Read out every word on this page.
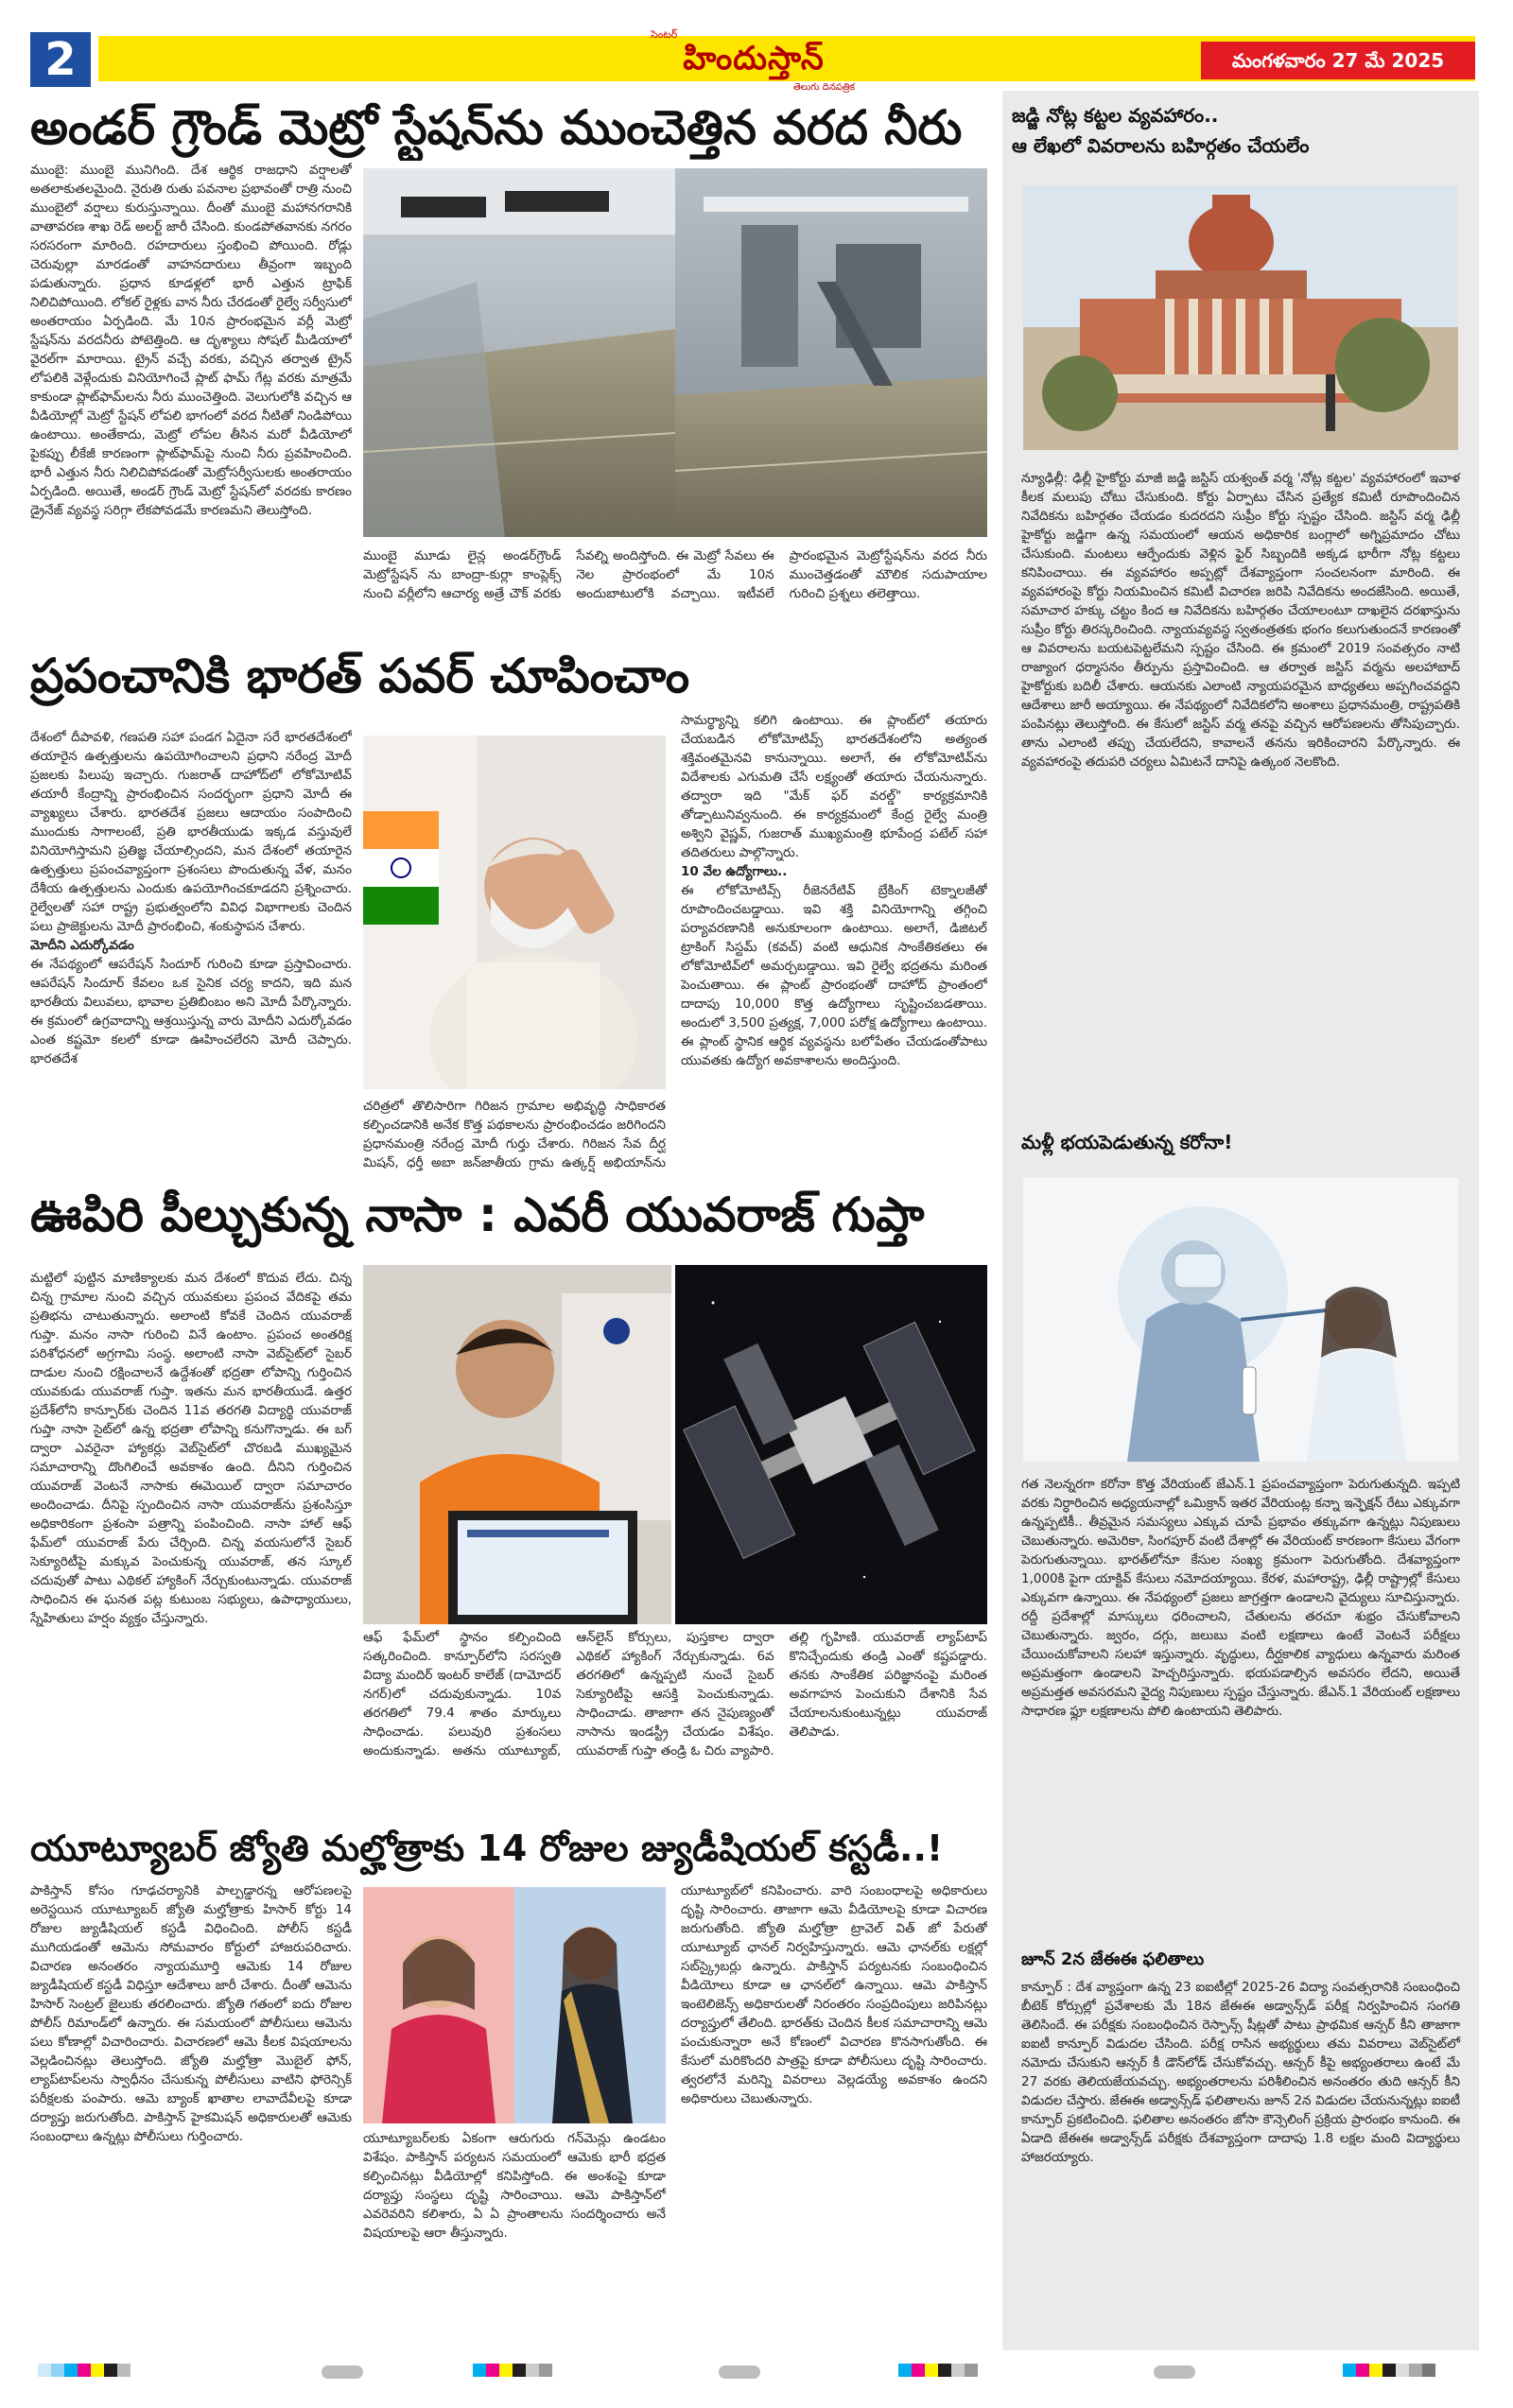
2	సెంటర్
హిందుస్తాన్
తెలుగు దినపత్రిక
మంగళవారం 27 మే 2025
అండర్ గ్రౌండ్ మెట్రో స్టేషన్‌ను ముంచెత్తిన వరద నీరు
ముంబై: ముంబై మునిగింది. దేశ ఆర్థిక రాజధాని వర్షాలతో అతలాకుతలమైంది. నైరుతి రుతు పవనాల ప్రభావంతో రాత్రి నుంచి ముంబైలో వర్షాలు కురుస్తున్నాయి. దీంతో ముంబై మహానగరానికి వాతావరణ శాఖ రెడ్ అలర్ట్ జారీ చేసింది. కుండపోతవానకు నగరం సరసరంగా మారింది. రహదారులు స్తంభించి పోయింది. రోడ్లు చెరువుల్లా మారడంతో వాహనదారులు తీవ్రంగా ఇబ్బంది పడుతున్నారు. ప్రధాన కూడళ్లలో భారీ ఎత్తున ట్రాఫిక్ నిలిచిపోయింది. లోకల్ రైళ్లకు వాన నీరు చేరడంతో రైల్వే సర్వీసులో అంతరాయం ఏర్పడింది. మే 10న ప్రారంభమైన వర్లీ మెట్రో స్టేషన్‌ను వరదనీరు పోటెత్తింది. ఆ దృశ్యాలు సోషల్ మీడియాలో వైరల్‌గా మారాయి. ట్రైన్ వచ్చే వరకు, వచ్చిన తర్వాత ట్రైన్ లోపలికి వెళ్లేందుకు వినియోగించే ప్లాట్ ఫామ్ గేట్ల వరకు మాత్రమే కాకుండా ప్లాట్‌ఫామ్‌లను నీరు ముంచెత్తింది. వెలుగులోకి వచ్చిన ఆ వీడియోల్లో మెట్రో స్టేషన్ లోపలి భాగంలో వరద నీటితో నిండిపోయి ఉంటాయి. అంతేకాదు, మెట్రో లోపల తీసిన మరో వీడియోలో పైకప్పు లీకేజీ కారణంగా ప్లాట్‌ఫామ్‌పై నుంచి నీరు ప్రవహించింది. భారీ ఎత్తున నీరు నిలిచిపోవడంతో మెట్రోసర్వీసులకు అంతరాయం ఏర్పడింది. అయితే, అండర్ గ్రౌండ్ మెట్రో స్టేషన్‌లో వరదకు కారణం డ్రైనేజ్ వ్యవస్థ సరిగ్గా లేకపోవడమే కారణమని తెలుస్తోంది.
ముంబై మూడు లైన్ల అండర్‌గ్రౌండ్ మెట్రోస్టేషన్ ను బాంద్రా-కుర్లా కాంప్లెక్స్ నుంచి వర్లీలోని ఆచార్య అత్రే చౌక్ వరకు సేవల్ని అందిస్తోంది. ఈ మెట్రో సేవలు ఈ నెల ప్రారంభంలో మే 10న అందుబాటులోకి వచ్చాయి. ఇటీవలే ప్రారంభమైన మెట్రోస్టేషన్‌ను వరద నీరు ముంచెత్తడంతో మౌలిక సదుపాయాల గురించి ప్రశ్నలు తలెత్తాయి.
ప్రపంచానికి భారత్ పవర్ చూపించాం
దేశంలో దీపావళి, గణపతి సహా పండగ ఏదైనా సరే భారతదేశంలో తయారైన ఉత్పత్తులను ఉపయోగించాలని ప్రధాని నరేంద్ర మోదీ ప్రజలకు పిలుపు ఇచ్చారు. గుజరాత్ దాహోద్‌లో లోకోమోటివ్ తయారీ కేంద్రాన్ని ప్రారంభించిన సందర్భంగా ప్రధాని మోదీ ఈ వ్యాఖ్యలు చేశారు. భారతదేశ ప్రజలు ఆదాయం సంపాదించి ముందుకు సాగాలంటే, ప్రతి భారతీయుడు ఇక్కడ వస్తువులే వినియోగిస్తామని ప్రతిజ్ఞ చేయాల్సిందని, మన దేశంలో తయారైన ఉత్పత్తులు ప్రపంచవ్యాప్తంగా ప్రశంసలు పొందుతున్న వేళ, మనం దేశీయ ఉత్పత్తులను ఎందుకు ఉపయోగించకూడదని ప్రశ్నించారు. రైల్వేలతో సహా రాష్ట్ర ప్రభుత్వంలోని వివిధ విభాగాలకు చెందిన పలు ప్రాజెక్టులను మోదీ ప్రారంభించి, శంకుస్థాపన చేశారు.
మోదీని ఎదుర్కోవడం
ఈ నేపథ్యంలో ఆపరేషన్ సిందూర్ గురించి కూడా ప్రస్తావించారు. ఆపరేషన్ సిందూర్ కేవలం ఒక సైనిక చర్య కాదని, ఇది మన భారతీయ విలువలు, భావాల ప్రతిబింబం అని మోదీ పేర్కొన్నారు. ఈ క్రమంలో ఉగ్రవాదాన్ని ఆశ్రయిస్తున్న వారు మోదీని ఎదుర్కోవడం ఎంత కష్టమో కలలో కూడా ఊహించలేరని మోదీ చెప్పారు. భారతదేశ
చరిత్రలో తొలిసారిగా గిరిజన గ్రామాల అభివృద్ధి సాధికారత కల్పించడానికి అనేక కొత్త పథకాలను ప్రారంభించడం జరిగిందని ప్రధానమంత్రి నరేంద్ర మోదీ గుర్తు చేశారు. గిరిజన సేవ దీర్ఘ మిషన్, ధర్తీ అబా జన్‌జాతీయ గ్రామ ఉత్కర్ష్ అభియాన్‌ను
సామర్థ్యాన్ని కలిగి ఉంటాయి. ఈ ప్లాంట్‌లో తయారు చేయబడిన లోకోమోటివ్స్ భారతదేశంలోని అత్యంత శక్తివంతమైనవి కానున్నాయి. అలాగే, ఈ లోకోమోటివ్‌ను విదేశాలకు ఎగుమతి చేసే లక్ష్యంతో తయారు చేయనున్నారు. తద్వారా ఇది "మేక్ ఫర్ వరల్డ్" కార్యక్రమానికి తోడ్పాటునివ్వనుంది. ఈ కార్యక్రమంలో కేంద్ర రైల్వే మంత్రి అశ్విని వైష్ణవ్, గుజరాత్ ముఖ్యమంత్రి భూపేంద్ర పటేల్ సహా తదితరులు పాల్గొన్నారు.
10 వేల ఉద్యోగాలు..
ఈ లోకోమోటివ్స్ రీజెనరేటివ్ బ్రేకింగ్ టెక్నాలజీతో రూపొందించబడ్డాయి. ఇవి శక్తి వినియోగాన్ని తగ్గించి పర్యావరణానికి అనుకూలంగా ఉంటాయి. అలాగే, డిజిటల్ ట్రాకింగ్ సిస్టమ్ (కవచ్) వంటి ఆధునిక సాంకేతికతలు ఈ లోకోమోటివ్‌లో అమర్చబడ్డాయి. ఇవి రైల్వే భద్రతను మరింత పెంచుతాయి. ఈ ప్లాంట్ ప్రారంభంతో దాహోద్ ప్రాంతంలో దాదాపు 10,000 కొత్త ఉద్యోగాలు సృష్టించబడతాయి. అందులో 3,500 ప్రత్యక్ష, 7,000 పరోక్ష ఉద్యోగాలు ఉంటాయి. ఈ ప్లాంట్ స్థానిక ఆర్థిక వ్యవస్థను బలోపేతం చేయడంతోపాటు యువతకు ఉద్యోగ అవకాశాలను అందిస్తుంది.
ఊపిరి పీల్చుకున్న నాసా : ఎవరీ యువరాజ్ గుప్తా
మట్టిలో పుట్టిన మాణిక్యాలకు మన దేశంలో కొదువ లేదు. చిన్న చిన్న గ్రామాల నుంచి వచ్చిన యువకులు ప్రపంచ వేదికపై తమ ప్రతిభను చాటుతున్నారు. అలాంటి కోవకే చెందిన యువరాజ్ గుప్తా. మనం నాసా గురించి వినే ఉంటాం. ప్రపంచ అంతరిక్ష పరిశోధనలో అగ్రగామి సంస్థ. అలాంటి నాసా వెబ్‌సైట్‌లో సైబర్ దాడుల నుంచి రక్షించాలనే ఉద్దేశంతో భద్రతా లోపాన్ని గుర్తించిన యువకుడు యువరాజ్ గుప్తా. ఇతను మన భారతీయుడే. ఉత్తర ప్రదేశ్‌లోని కాన్పూర్‌కు చెందిన 11వ తరగతి విద్యార్థి యువరాజ్ గుప్తా నాసా సైట్‌లో ఉన్న భద్రతా లోపాన్ని కనుగొన్నాడు. ఈ బగ్ ద్వారా ఎవరైనా హ్యాకర్లు వెబ్‌సైట్‌లో చొరబడి ముఖ్యమైన సమాచారాన్ని దొంగిలించే అవకాశం ఉంది. దీనిని గుర్తించిన యువరాజ్ వెంటనే నాసాకు ఈమెయిల్ ద్వారా సమాచారం అందించాడు. దీనిపై స్పందించిన నాసా యువరాజ్‌ను ప్రశంసిస్తూ అధికారికంగా ప్రశంసా పత్రాన్ని పంపించింది. నాసా హాల్ ఆఫ్ ఫేమ్‌లో యువరాజ్ పేరు చేర్చింది. చిన్న వయసులోనే సైబర్ సెక్యూరిటీపై మక్కువ పెంచుకున్న యువరాజ్, తన స్కూల్ చదువుతో పాటు ఎథికల్ హ్యాకింగ్ నేర్చుకుంటున్నాడు. యువరాజ్ సాధించిన ఈ ఘనత పట్ల కుటుంబ సభ్యులు, ఉపాధ్యాయులు, స్నేహితులు హర్షం వ్యక్తం చేస్తున్నారు.
ఆఫ్ ఫేమ్‌లో స్థానం కల్పించింది సత్కరించింది. కాన్పూర్‌లోని సరస్వతి విద్యా మందిర్ ఇంటర్ కాలేజ్ (దామోదర్ నగర్)లో చదువుకున్నాడు. 10వ తరగతిలో 79.4 శాతం మార్కులు సాధించాడు. పలువురి ప్రశంసలు అందుకున్నాడు. అతను యూట్యూబ్, ఆన్‌లైన్ కోర్సులు, పుస్తకాల ద్వారా ఎథికల్ హ్యాకింగ్ నేర్చుకున్నాడు. 6వ తరగతిలో ఉన్నప్పటి నుంచే సైబర్ సెక్యూరిటీపై ఆసక్తి పెంచుకున్నాడు. సాధించాడు. తాజాగా తన నైపుణ్యంతో నాసాను ఇండస్ట్రీ చేయడం విశేషం. యువరాజ్ గుప్తా తండ్రి ఓ చిరు వ్యాపారి. తల్లి గృహిణి. యువరాజ్ ల్యాప్‌టాప్ కొనిచ్చేందుకు తండ్రి ఎంతో కష్టపడ్డారు. తనకు సాంకేతిక పరిజ్ఞానంపై మరింత అవగాహన పెంచుకుని దేశానికి సేవ చేయాలనుకుంటున్నట్లు యువరాజ్ తెలిపాడు.
యూట్యూబర్ జ్యోతి మల్హోత్రాకు 14 రోజుల జ్యుడీషియల్ కస్టడీ..!
పాకిస్తాన్ కోసం గూఢచర్యానికి పాల్పడ్డారన్న ఆరోపణలపై అరెస్టయిన యూట్యూబర్ జ్యోతి మల్హోత్రాకు హిసార్ కోర్టు 14 రోజుల జ్యుడీషియల్ కస్టడీ విధించింది. పోలీస్ కస్టడీ ముగియడంతో ఆమెను సోమవారం కోర్టులో హాజరుపరిచారు. విచారణ అనంతరం న్యాయమూర్తి ఆమెకు 14 రోజుల జ్యుడీషియల్ కస్టడీ విధిస్తూ ఆదేశాలు జారీ చేశారు. దీంతో ఆమెను హిసార్ సెంట్రల్ జైలుకు తరలించారు. జ్యోతి గతంలో ఐదు రోజుల పోలీస్ రిమాండ్‌లో ఉన్నారు. ఈ సమయంలో పోలీసులు ఆమెను పలు కోణాల్లో విచారించారు. విచారణలో ఆమె కీలక విషయాలను వెల్లడించినట్లు తెలుస్తోంది. జ్యోతి మల్హోత్రా మొబైల్ ఫోన్, ల్యాప్‌టాప్‌లను స్వాధీనం చేసుకున్న పోలీసులు వాటిని ఫోరెన్సిక్ పరీక్షలకు పంపారు. ఆమె బ్యాంక్ ఖాతాల లావాదేవీలపై కూడా దర్యాప్తు జరుగుతోంది. పాకిస్తాన్ హైకమిషన్ అధికారులతో ఆమెకు సంబంధాలు ఉన్నట్లు పోలీసులు గుర్తించారు.	యూట్యూబర్‌లకు ఏకంగా ఆరుగురు గన్‌మెన్లు ఉండటం విశేషం. పాకిస్తాన్ పర్యటన సమయంలో ఆమెకు భారీ భద్రత కల్పించినట్లు వీడియోల్లో కనిపిస్తోంది. ఈ అంశంపై కూడా దర్యాప్తు సంస్థలు దృష్టి సారించాయి. ఆమె పాకిస్తాన్‌లో ఎవరెవరిని కలిశారు, ఏ ఏ ప్రాంతాలను సందర్శించారు అనే విషయాలపై ఆరా తీస్తున్నారు.
యూట్యూబ్‌లో కనిపించారు. వారి సంబంధాలపై అధికారులు దృష్టి సారించారు. తాజాగా ఆమె వీడియోలపై కూడా విచారణ జరుగుతోంది. జ్యోతి మల్హోత్రా ట్రావెల్ విత్ జో పేరుతో యూట్యూబ్ ఛానల్ నిర్వహిస్తున్నారు. ఆమె ఛానల్‌కు లక్షల్లో సబ్‌స్క్రైబర్లు ఉన్నారు. పాకిస్తాన్ పర్యటనకు సంబంధించిన వీడియోలు కూడా ఆ ఛానల్‌లో ఉన్నాయి. ఆమె పాకిస్తాన్ ఇంటెలిజెన్స్ అధికారులతో నిరంతరం సంప్రదింపులు జరిపినట్లు దర్యాప్తులో తేలింది. భారత్‌కు చెందిన కీలక సమాచారాన్ని ఆమె పంచుకున్నారా అనే కోణంలో విచారణ కొనసాగుతోంది. ఈ కేసులో మరికొందరి పాత్రపై కూడా పోలీసులు దృష్టి సారించారు. త్వరలోనే మరిన్ని వివరాలు వెల్లడయ్యే అవకాశం ఉందని అధికారులు చెబుతున్నారు.
జడ్జి నోట్ల కట్టల వ్యవహారం..
ఆ లేఖలో వివరాలను బహిర్గతం చేయలేం
న్యూఢిల్లీ: ఢిల్లీ హైకోర్టు మాజీ జడ్జి జస్టిస్ యశ్వంత్ వర్మ 'నోట్ల కట్టల' వ్యవహారంలో ఇవాళ కీలక మలుపు చోటు చేసుకుంది. కోర్టు ఏర్పాటు చేసిన ప్రత్యేక కమిటీ రూపొందించిన నివేదికను బహిర్గతం చేయడం కుదరదని సుప్రీం కోర్టు స్పష్టం చేసింది. జస్టిస్ వర్మ ఢిల్లీ హైకోర్టు జడ్జిగా ఉన్న సమయంలో ఆయన అధికారిక బంగ్లాలో అగ్నిప్రమాదం చోటు చేసుకుంది. మంటలు ఆర్పేందుకు వెళ్లిన ఫైర్ సిబ్బందికి అక్కడ భారీగా నోట్ల కట్టలు కనిపించాయి. ఈ వ్యవహారం అప్పట్లో దేశవ్యాప్తంగా సంచలనంగా మారింది. ఈ వ్యవహారంపై కోర్టు నియమించిన కమిటీ విచారణ జరిపి నివేదికను అందజేసింది. అయితే, సమాచార హక్కు చట్టం కింద ఆ నివేదికను బహిర్గతం చేయాలంటూ దాఖలైన దరఖాస్తును సుప్రీం కోర్టు తిరస్కరించింది. న్యాయవ్యవస్థ స్వతంత్రతకు భంగం కలుగుతుందనే కారణంతో ఆ వివరాలను బయటపెట్టలేమని స్పష్టం చేసింది. ఈ క్రమంలో 2019 సంవత్సరం నాటి రాజ్యాంగ ధర్మాసనం తీర్పును ప్రస్తావించింది. ఆ తర్వాత జస్టిస్ వర్మను అలహాబాద్ హైకోర్టుకు బదిలీ చేశారు. ఆయనకు ఎలాంటి న్యాయపరమైన బాధ్యతలు అప్పగించవద్దని ఆదేశాలు జారీ అయ్యాయి. ఈ నేపథ్యంలో నివేదికలోని అంశాలు ప్రధానమంత్రి, రాష్ట్రపతికి పంపినట్లు తెలుస్తోంది. ఈ కేసులో జస్టిస్ వర్మ తనపై వచ్చిన ఆరోపణలను తోసిపుచ్చారు. తాను ఎలాంటి తప్పు చేయలేదని, కావాలనే తనను ఇరికించారని పేర్కొన్నారు. ఈ వ్యవహారంపై తదుపరి చర్యలు ఏమిటనే దానిపై ఉత్కంఠ నెలకొంది.
మళ్లీ భయపెడుతున్న కరోనా!
గత నెలన్నరగా కరోనా కొత్త వేరియంట్ జేఎన్.1 ప్రపంచవ్యాప్తంగా పెరుగుతున్నది. ఇప్పటి వరకు నిర్ధారించిన అధ్యయనాల్లో ఒమిక్రాన్ ఇతర వేరియంట్ల కన్నా ఇన్ఫెక్షన్ రేటు ఎక్కువగా ఉన్నప్పటికీ.. తీవ్రమైన సమస్యలు ఎక్కువ చూపే ప్రభావం తక్కువగా ఉన్నట్లు నిపుణులు చెబుతున్నారు. అమెరికా, సింగపూర్ వంటి దేశాల్లో ఈ వేరియంట్ కారణంగా కేసులు వేగంగా పెరుగుతున్నాయి. భారత్‌లోనూ కేసుల సంఖ్య క్రమంగా పెరుగుతోంది. దేశవ్యాప్తంగా 1,000కి పైగా యాక్టివ్ కేసులు నమోదయ్యాయి. కేరళ, మహారాష్ట్ర, ఢిల్లీ రాష్ట్రాల్లో కేసులు ఎక్కువగా ఉన్నాయి. ఈ నేపథ్యంలో ప్రజలు జాగ్రత్తగా ఉండాలని వైద్యులు సూచిస్తున్నారు. రద్దీ ప్రదేశాల్లో మాస్కులు ధరించాలని, చేతులను తరచూ శుభ్రం చేసుకోవాలని చెబుతున్నారు. జ్వరం, దగ్గు, జలుబు వంటి లక్షణాలు ఉంటే వెంటనే పరీక్షలు చేయించుకోవాలని సలహా ఇస్తున్నారు. వృద్ధులు, దీర్ఘకాలిక వ్యాధులు ఉన్నవారు మరింత అప్రమత్తంగా ఉండాలని హెచ్చరిస్తున్నారు. భయపడాల్సిన అవసరం లేదని, అయితే అప్రమత్తత అవసరమని వైద్య నిపుణులు స్పష్టం చేస్తున్నారు. జేఎన్.1 వేరియంట్ లక్షణాలు సాధారణ ఫ్లూ లక్షణాలను పోలి ఉంటాయని తెలిపారు.
జూన్ 2న జేఈఈ ఫలితాలు
కాన్పూర్ : దేశ వ్యాప్తంగా ఉన్న 23 ఐఐటీల్లో 2025-26 విద్యా సంవత్సరానికి సంబంధించి బీటెక్ కోర్సుల్లో ప్రవేశాలకు మే 18న జేఈఈ అడ్వాన్స్‌డ్ పరీక్ష నిర్వహించిన సంగతి తెలిసిందే. ఈ పరీక్షకు సంబంధించిన రెస్పాన్స్ షీట్లతో పాటు ప్రాథమిక ఆన్సర్ కీని తాజాగా ఐఐటీ కాన్పూర్ విడుదల చేసింది. పరీక్ష రాసిన అభ్యర్థులు తమ వివరాలు వెబ్‌సైట్‌లో నమోదు చేసుకుని ఆన్సర్ కీ డౌన్‌లోడ్ చేసుకోవచ్చు. ఆన్సర్ కీపై అభ్యంతరాలు ఉంటే మే 27 వరకు తెలియజేయవచ్చు. అభ్యంతరాలను పరిశీలించిన అనంతరం తుది ఆన్సర్ కీని విడుదల చేస్తారు. జేఈఈ అడ్వాన్స్‌డ్ ఫలితాలను జూన్ 2న విడుదల చేయనున్నట్లు ఐఐటీ కాన్పూర్ ప్రకటించింది. ఫలితాల అనంతరం జోసా కౌన్సెలింగ్ ప్రక్రియ ప్రారంభం కానుంది. ఈ ఏడాది జేఈఈ అడ్వాన్స్‌డ్ పరీక్షకు దేశవ్యాప్తంగా దాదాపు 1.8 లక్షల మంది విద్యార్థులు హాజరయ్యారు.
